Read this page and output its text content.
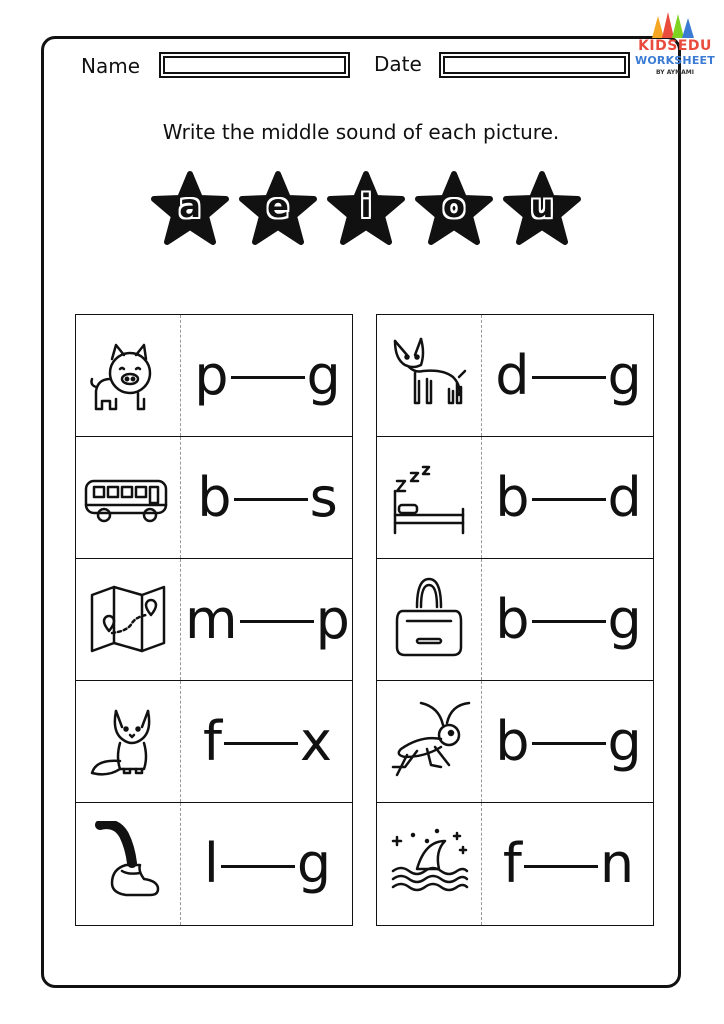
Name	Date
KIDSEDU
WORKSHEET
BY AYMAMI
Write the middle sound of each picture.
a	e	i	o	u
p g
b s
m p
f x
l g
d g
b d
b g
b g
f n
